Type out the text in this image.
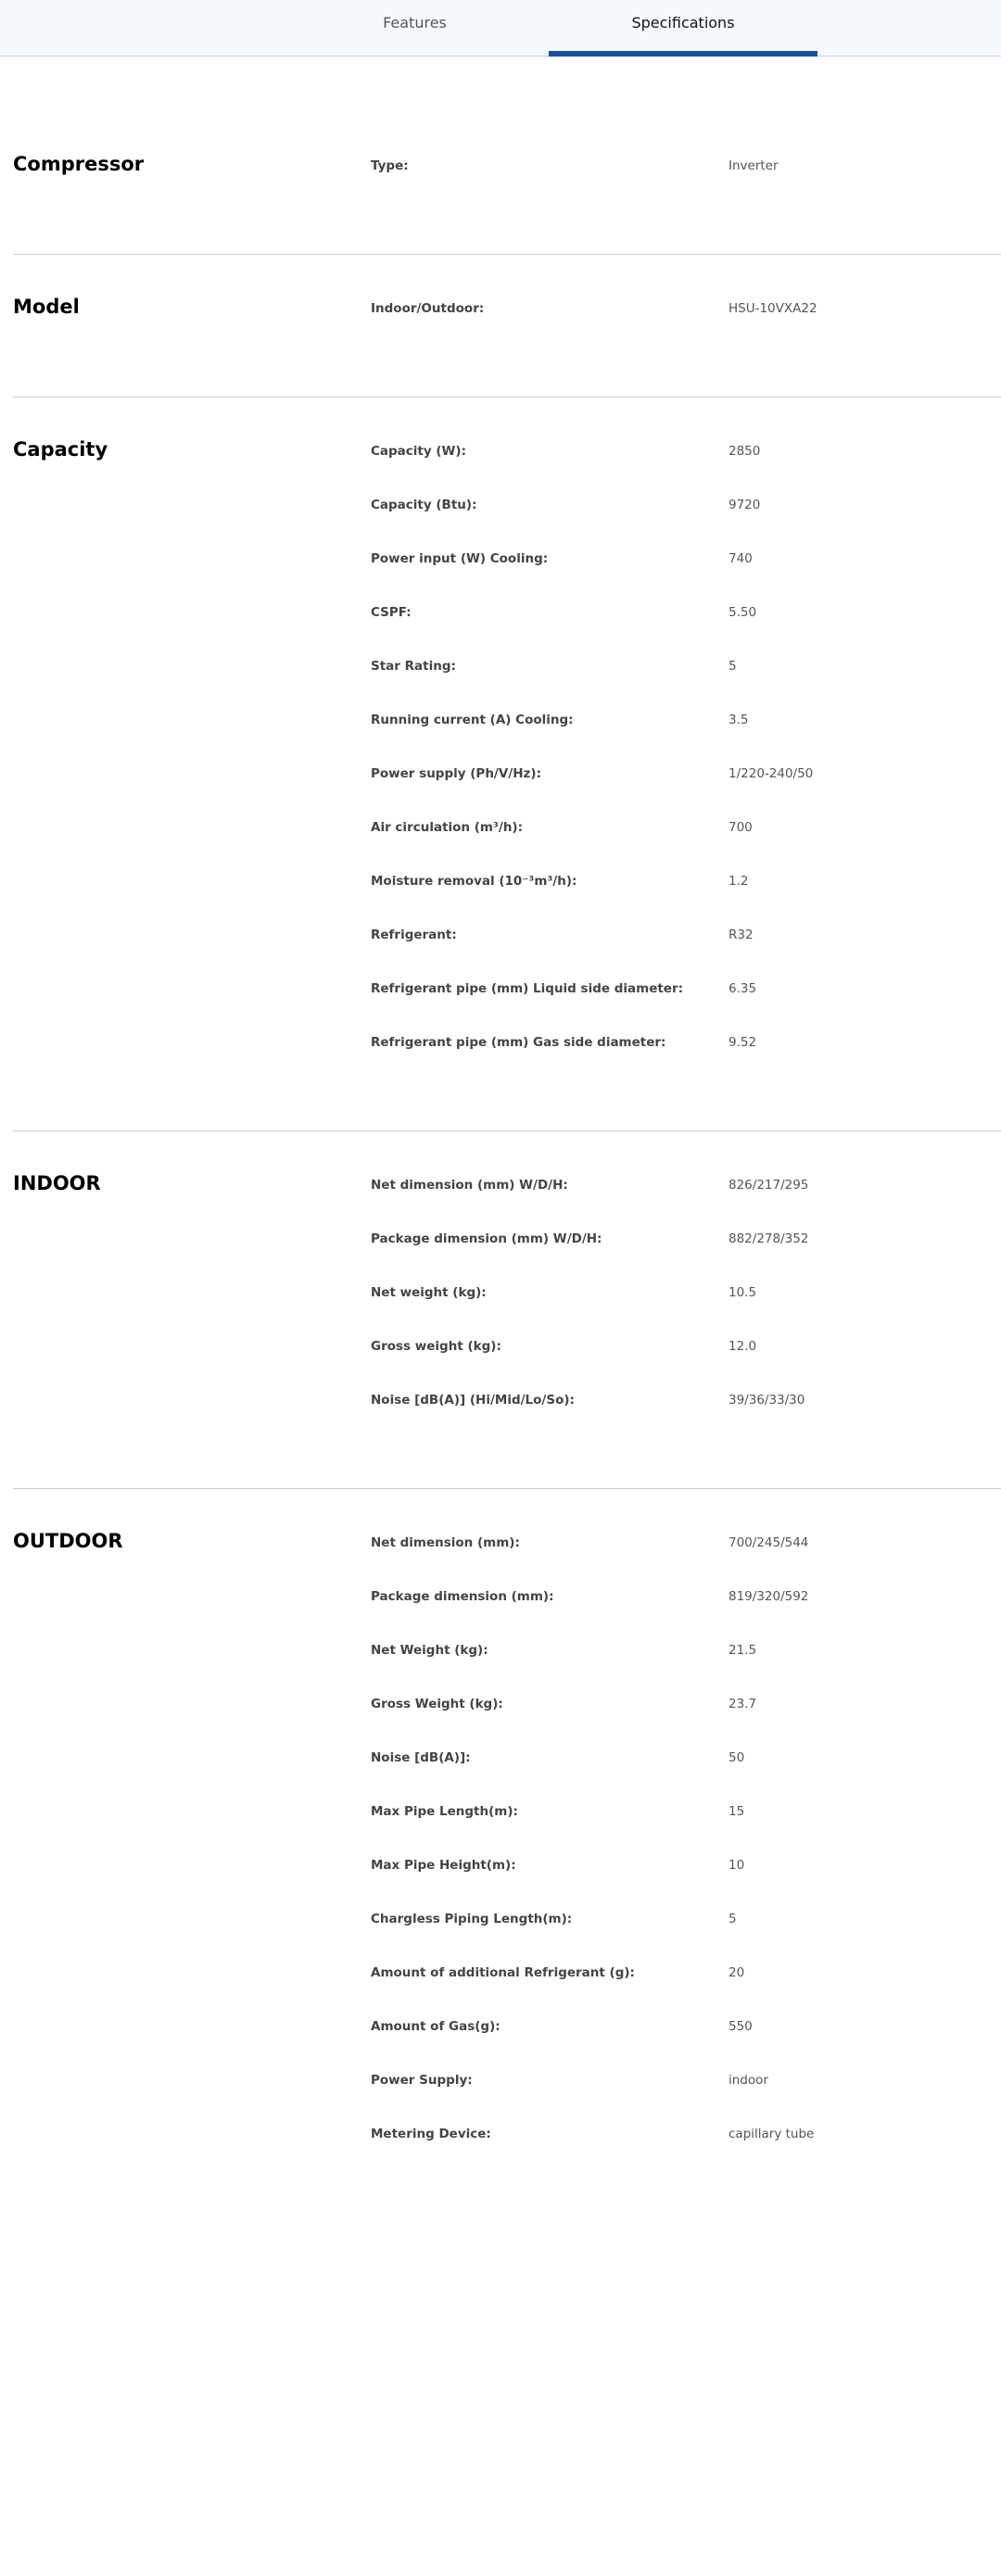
Features	Specifications
Compressor	Type:	Inverter
Model	Indoor/Outdoor:	HSU-10VXA22
Capacity	Capacity (W):	2850
Capacity (Btu):	9720
Power input (W) Cooling:	740
CSPF:	5.50
Star Rating:	5
Running current (A) Cooling:	3.5
Power supply (Ph/V/Hz):	1/220-240/50
Air circulation (m³/h):	700
Moisture removal (10⁻³m³/h):	1.2
Refrigerant:	R32
Refrigerant pipe (mm) Liquid side diameter:	6.35
Refrigerant pipe (mm) Gas side diameter:	9.52
INDOOR	Net dimension (mm) W/D/H:	826/217/295
Package dimension (mm) W/D/H:	882/278/352
Net weight (kg):	10.5
Gross weight (kg):	12.0
Noise [dB(A)] (Hi/Mid/Lo/So):	39/36/33/30
OUTDOOR	Net dimension (mm):	700/245/544
Package dimension (mm):	819/320/592
Net Weight (kg):	21.5
Gross Weight (kg):	23.7
Noise [dB(A)]:	50
Max Pipe Length(m):	15
Max Pipe Height(m):	10
Chargless Piping Length(m):	5
Amount of additional Refrigerant (g):	20
Amount of Gas(g):	550
Power Supply:	indoor
Metering Device:	capillary tube
